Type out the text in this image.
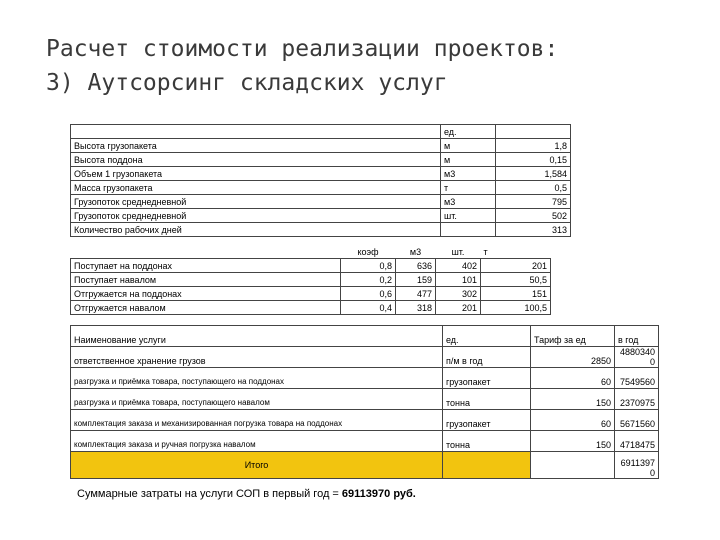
Расчет стоимости реализации проектов:
3) Аутсорсинг складских услуг
	ед.	
Высота грузопакета	м	1,8
Высота поддона	м	0,15
Объем 1 грузопакета	м3	1,584
Масса грузопакета	т	0,5
Грузопоток среднедневной	м3	795
Грузопоток среднедневной	шт.	502
Количество рабочих дней		313
	коэф	м3	шт.	т
Поступает на поддонах	0,8	636	402	201
Поступает навалом	0,2	159	101	50,5
Отгружается на поддонах	0,6	477	302	151
Отгружается навалом	0,4	318	201	100,5
Наименование услуги	ед.	Тариф за ед	в год
ответственное хранение грузов	п/м в год	2850	4880340 0
разгрузка и приёмка товара, поступающего на поддонах	грузопакет	60	7549560
разгрузка и приёмка товара, поступающего навалом	тонна	150	2370975
комплектация заказа и механизированная погрузка товара на поддонах	грузопакет	60	5671560
комплектация заказа и ручная погрузка навалом	тонна	150	4718475
Итого			6911397 0
Суммарные затраты на услуги СОП в первый год = 69113970 руб.
